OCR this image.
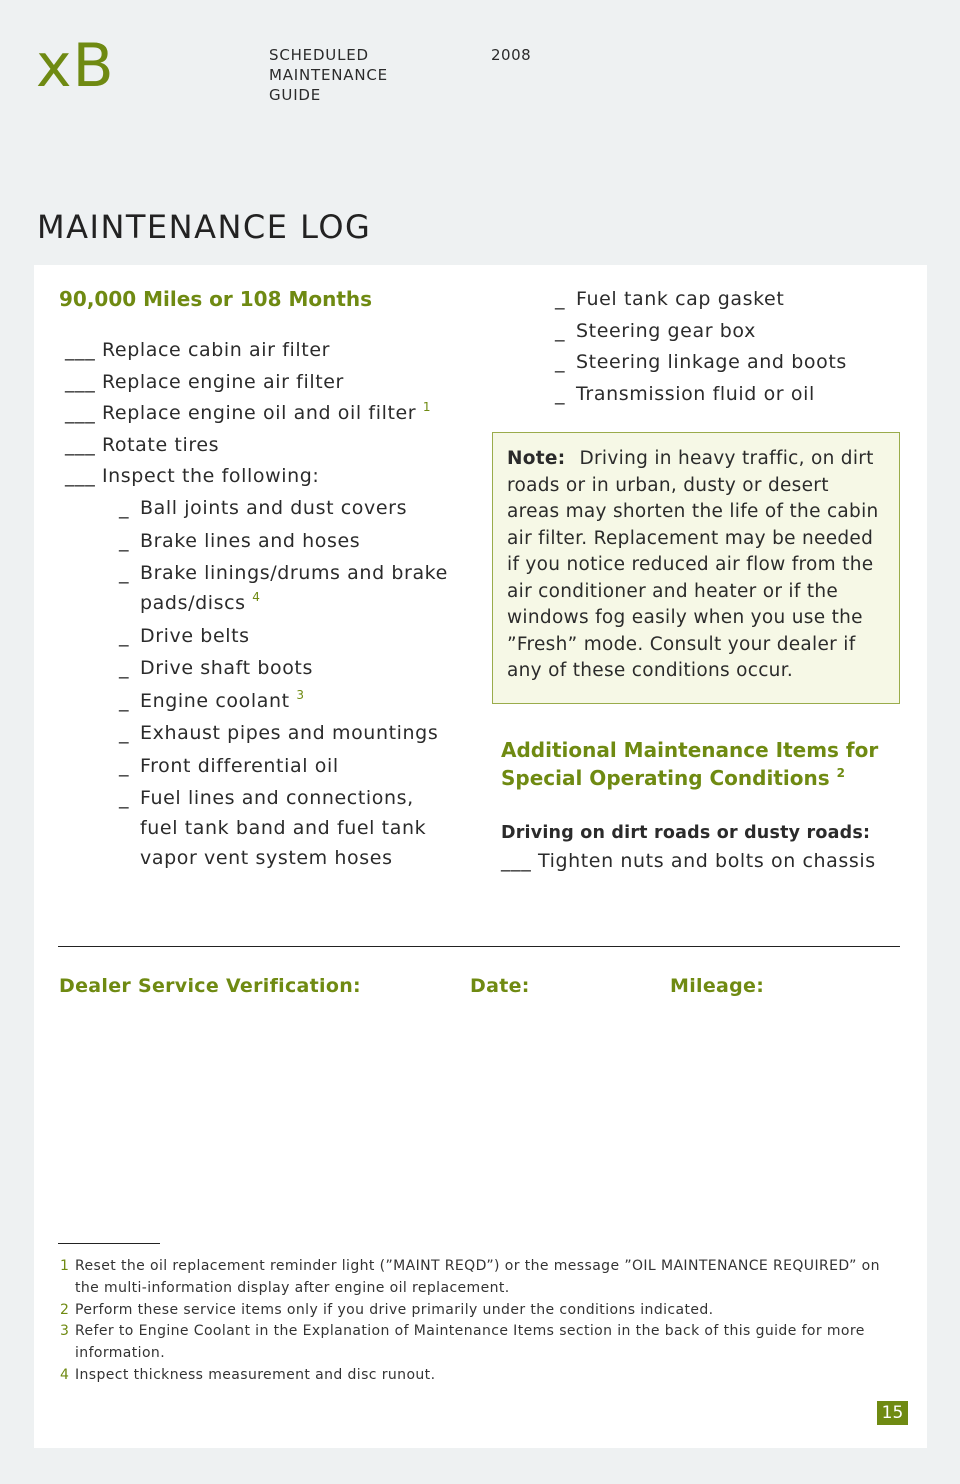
xB	SCHEDULED
MAINTENANCE
GUIDE
2008
MAINTENANCE LOG
90,000 Miles or 108 Months
___ Replace cabin air filter
___ Replace engine air filter
___ Replace engine oil and oil filter $^1$
___ Rotate tires
___ Inspect the following:
_ Ball joints and dust covers
_ Brake lines and hoses
_ Brake linings/drums and brake pads/discs $^4$
_ Drive belts
_ Drive shaft boots
_ Engine coolant $^3$
_ Exhaust pipes and mountings
_ Front differential oil
_ Fuel lines and connections, fuel tank band and fuel tank vapor vent system hoses
_ Fuel tank cap gasket
_ Steering gear box
_ Steering linkage and boots
_ Transmission fluid or oil
Note: Driving in heavy traffic, on dirt roads or in urban, dusty or desert areas may shorten the life of the cabin air filter. Replacement may be needed if you notice reduced air flow from the air conditioner and heater or if the windows fog easily when you use the ”Fresh” mode. Consult your dealer if any of these conditions occur.
Additional Maintenance Items for Special Operating Conditions $^2$
Driving on dirt roads or dusty roads:
___ Tighten nuts and bolts on chassis
Dealer Service Verification:	Date:	Mileage:
1 Reset the oil replacement reminder light (”MAINT REQD”) or the message ”OIL MAINTENANCE REQUIRED” on the multi-information display after engine oil replacement.
2 Perform these service items only if you drive primarily under the conditions indicated.
3 Refer to Engine Coolant in the Explanation of Maintenance Items section in the back of this guide for more information.
4 Inspect thickness measurement and disc runout.
15
